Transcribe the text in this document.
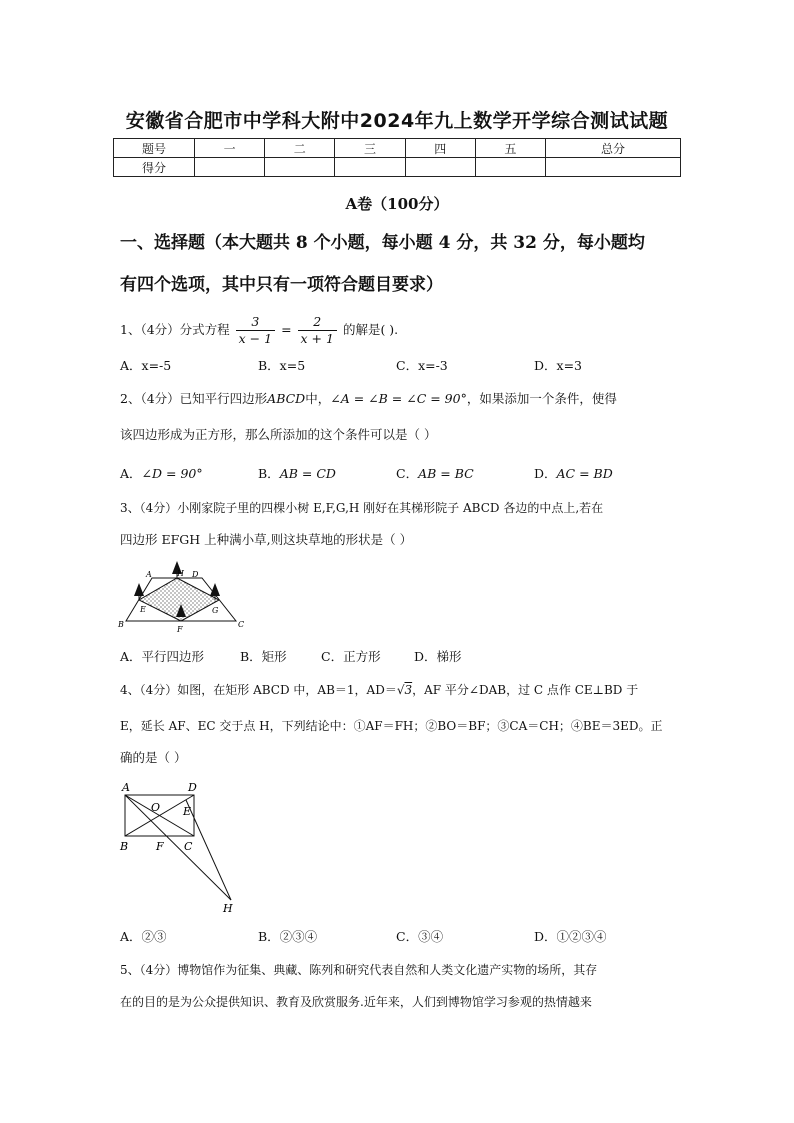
安徽省合肥市中学科大附中2024年九上数学开学综合测试试题
题号	一	二	三	四	五	总分
得分						
A卷（100分）
一、选择题（本大题共 8 个小题，每小题 4 分，共 32 分，每小题均
有四个选项，其中只有一项符合题目要求）
1、（4分）分式方程 $\frac{3}{x - 1} = \frac{2}{x + 1}$ 的解是( ).
A．x=-5	B．x=5	C．x=-3	D．x=3
2、（4分）已知平行四边形ABCD中，∠A = ∠B = ∠C = 90°，如果添加一个条件，使得
该四边形成为正方形，那么所添加的这个条件可以是（ ）
A．∠D = 90°	B．AB = CD	C．AB = BC	D．AC = BD
3、（4分）小刚家院子里的四棵小树 E,F,G,H 刚好在其梯形院子 ABCD 各边的中点上,若在
四边形 EFGH 上种满小草,则这块草地的形状是（ ）
A	H D
E	G
B
F
C
A．平行四边形	B．矩形	C．正方形	D．梯形
4、（4分）如图，在矩形 ABCD 中，AB＝1，AD＝√3，AF 平分∠DAB，过 C 点作 CE⊥BD 于
E，延长 AF、EC 交于点 H，下列结论中：①AF＝FH；②BO＝BF；③CA＝CH；④BE＝3ED。正
确的是（ ）
A	D
O E
B	F C
H
A．②③	B．②③④	C．③④	D．①②③④
5、（4分）博物馆作为征集、典藏、陈列和研究代表自然和人类文化遗产实物的场所，其存
在的目的是为公众提供知识、教育及欣赏服务.近年来，人们到博物馆学习参观的热情越来
